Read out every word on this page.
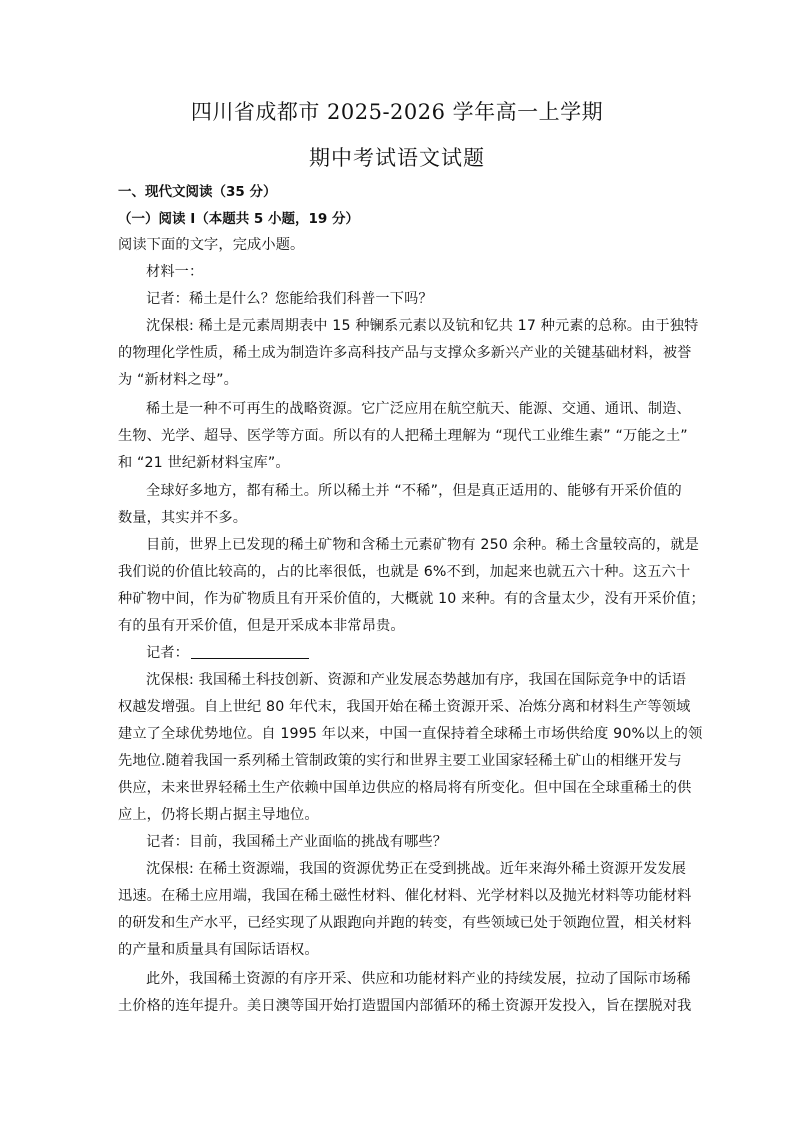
四川省成都市 2025-2026 学年高一上学期
期中考试语文试题
一、现代文阅读（35 分）
（一）阅读 I（本题共 5 小题，19 分）
阅读下面的文字，完成小题。
材料一：
记者：稀土是什么？您能给我们科普一下吗？
沈保根: 稀土是元素周期表中 15 种镧系元素以及钪和钇共 17 种元素的总称。由于独特
的物理化学性质，稀土成为制造许多高科技产品与支撑众多新兴产业的关键基础材料，被誉
为 “新材料之母”。
稀土是一种不可再生的战略资源。它广泛应用在航空航天、能源、交通、通讯、制造、
生物、光学、超导、医学等方面。所以有的人把稀土理解为 “现代工业维生素” “万能之土”
和 “21 世纪新材料宝库”。
全球好多地方，都有稀土。所以稀土并 “不稀”，但是真正适用的、能够有开采价值的
数量，其实并不多。
目前，世界上已发现的稀土矿物和含稀土元素矿物有 250 余种。稀土含量较高的，就是
我们说的价值比较高的，占的比率很低，也就是 6%不到，加起来也就五六十种。这五六十
种矿物中间，作为矿物质且有开采价值的，大概就 10 来种。有的含量太少，没有开采价值；
有的虽有开采价值，但是开采成本非常昂贵。
记者：
沈保根: 我国稀土科技创新、资源和产业发展态势越加有序，我国在国际竞争中的话语
权越发增强。自上世纪 80 年代末，我国开始在稀土资源开采、冶炼分离和材料生产等领域
建立了全球优势地位。自 1995 年以来，中国一直保持着全球稀土市场供给度 90%以上的领
先地位.随着我国一系列稀土管制政策的实行和世界主要工业国家轻稀土矿山的相继开发与
供应，未来世界轻稀土生产依赖中国单边供应的格局将有所变化。但中国在全球重稀土的供
应上，仍将长期占据主导地位。
记者：目前，我国稀土产业面临的挑战有哪些？
沈保根: 在稀土资源端，我国的资源优势正在受到挑战。近年来海外稀土资源开发发展
迅速。在稀土应用端，我国在稀土磁性材料、催化材料、光学材料以及抛光材料等功能材料
的研发和生产水平，已经实现了从跟跑向并跑的转变，有些领域已处于领跑位置，相关材料
的产量和质量具有国际话语权。
此外，我国稀土资源的有序开采、供应和功能材料产业的持续发展，拉动了国际市场稀
土价格的连年提升。美日澳等国开始打造盟国内部循环的稀土资源开发投入，旨在摆脱对我
